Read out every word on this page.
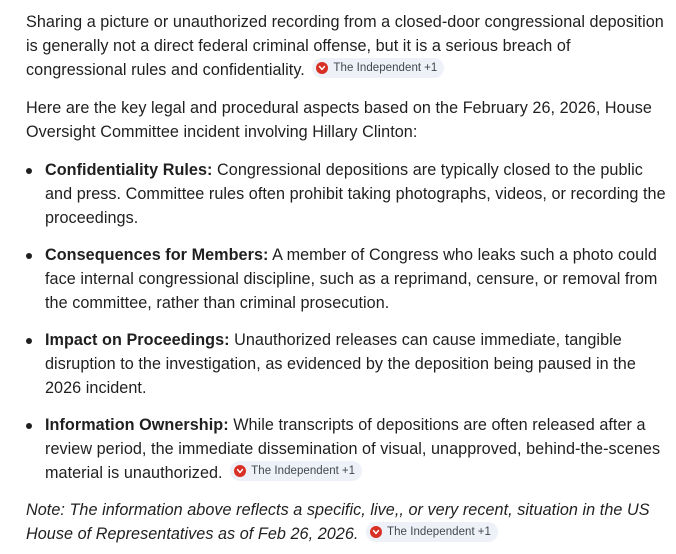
Sharing a picture or unauthorized recording from a closed-door congressional deposition is generally not a direct federal criminal offense, but it is a serious breach of congressional rules and confidentiality. The Independent +1

Here are the key legal and procedural aspects based on the February 26, 2026, House Oversight Committee incident involving Hillary Clinton:

Confidentiality Rules: Congressional depositions are typically closed to the public and press. Committee rules often prohibit taking photographs, videos, or recording the proceedings.
Consequences for Members: A member of Congress who leaks such a photo could face internal congressional discipline, such as a reprimand, censure, or removal from the committee, rather than criminal prosecution.
Impact on Proceedings: Unauthorized releases can cause immediate, tangible disruption to the investigation, as evidenced by the deposition being paused in the 2026 incident.
Information Ownership: While transcripts of depositions are often released after a review period, the immediate dissemination of visual, unapproved, behind-the-scenes material is unauthorized. The Independent +1

Note: The information above reflects a specific, live,, or very recent, situation in the US House of Representatives as of Feb 26, 2026. The Independent +1
